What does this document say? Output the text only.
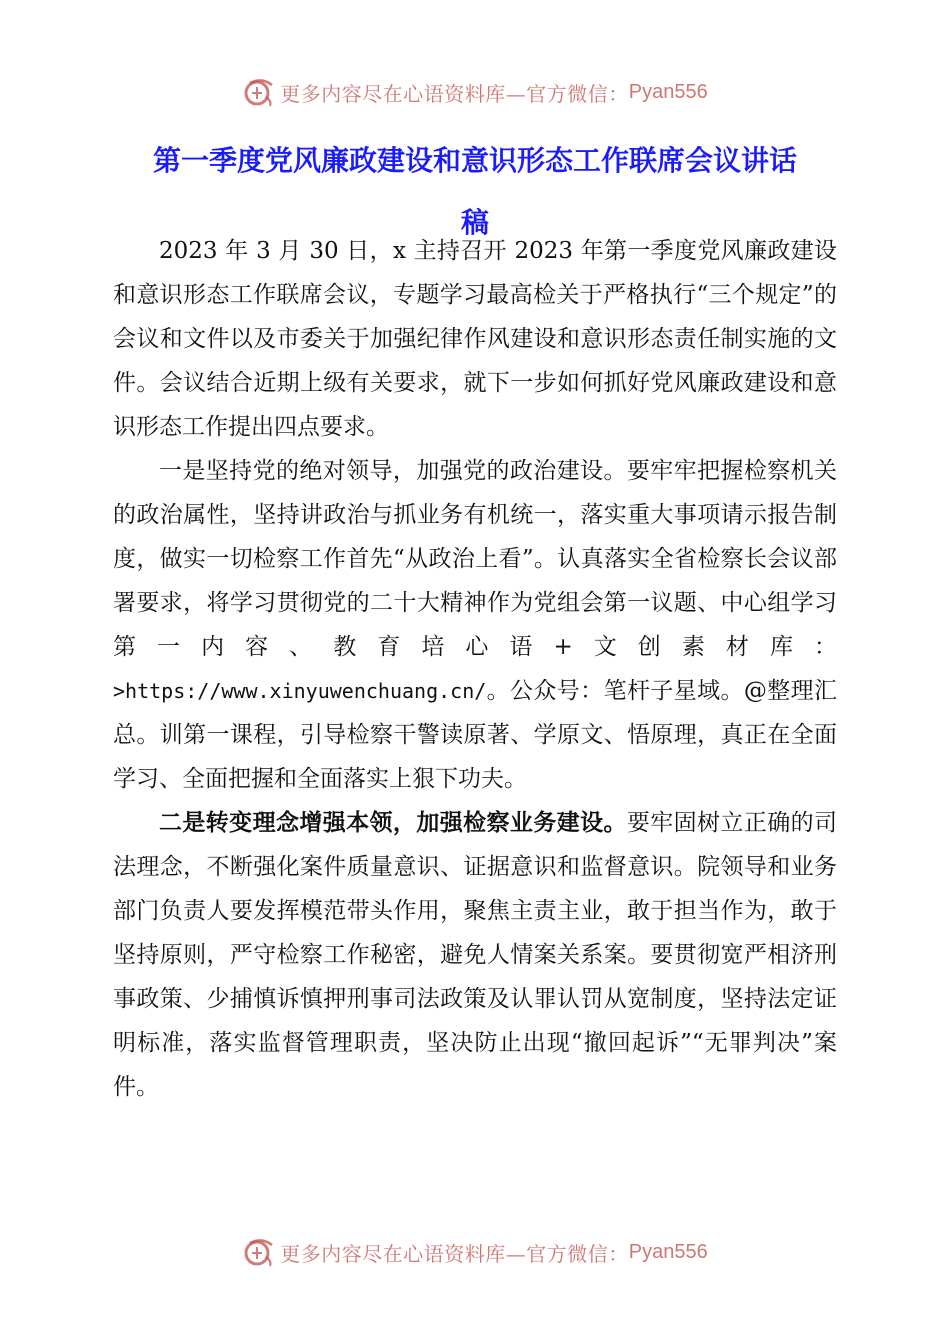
更多内容尽在心语资料库—官方微信： Pyan556
第一季度党风廉政建设和意识形态工作联席会议讲话
稿

2023 年 3 月 30 日，x 主持召开 2023 年第一季度党风廉政建设和意识形态工作联席会议，专题学习最高检关于严格执行“三个规定”的会议和文件以及市委关于加强纪律作风建设和意识形态责任制实施的文件。会议结合近期上级有关要求，就下一步如何抓好党风廉政建设和意识形态工作提出四点要求。

一是坚持党的绝对领导，加强党的政治建设。要牢牢把握检察机关的政治属性，坚持讲政治与抓业务有机统一，落实重大事项请示报告制度，做实一切检察工作首先“从政治上看”。认真落实全省检察长会议部署要求，将学习贯彻党的二十大精神作为党组会第一议题、中心组学习第一内容、教育培心语+文创素材库：>https://www.xinyuwenchuang.cn/。公众号：笔杆子星域。@整理汇总。训第一课程，引导检察干警读原著、学原文、悟原理，真正在全面学习、全面把握和全面落实上狠下功夫。

二是转变理念增强本领，加强检察业务建设。要牢固树立正确的司法理念，不断强化案件质量意识、证据意识和监督意识。院领导和业务部门负责人要发挥模范带头作用，聚焦主责主业，敢于担当作为，敢于坚持原则，严守检察工作秘密，避免人情案关系案。要贯彻宽严相济刑事政策、少捕慎诉慎押刑事司法政策及认罪认罚从宽制度，坚持法定证明标准，落实监督管理职责，坚决防止出现“撤回起诉”“无罪判决”案件。

更多内容尽在心语资料库—官方微信： Pyan556
